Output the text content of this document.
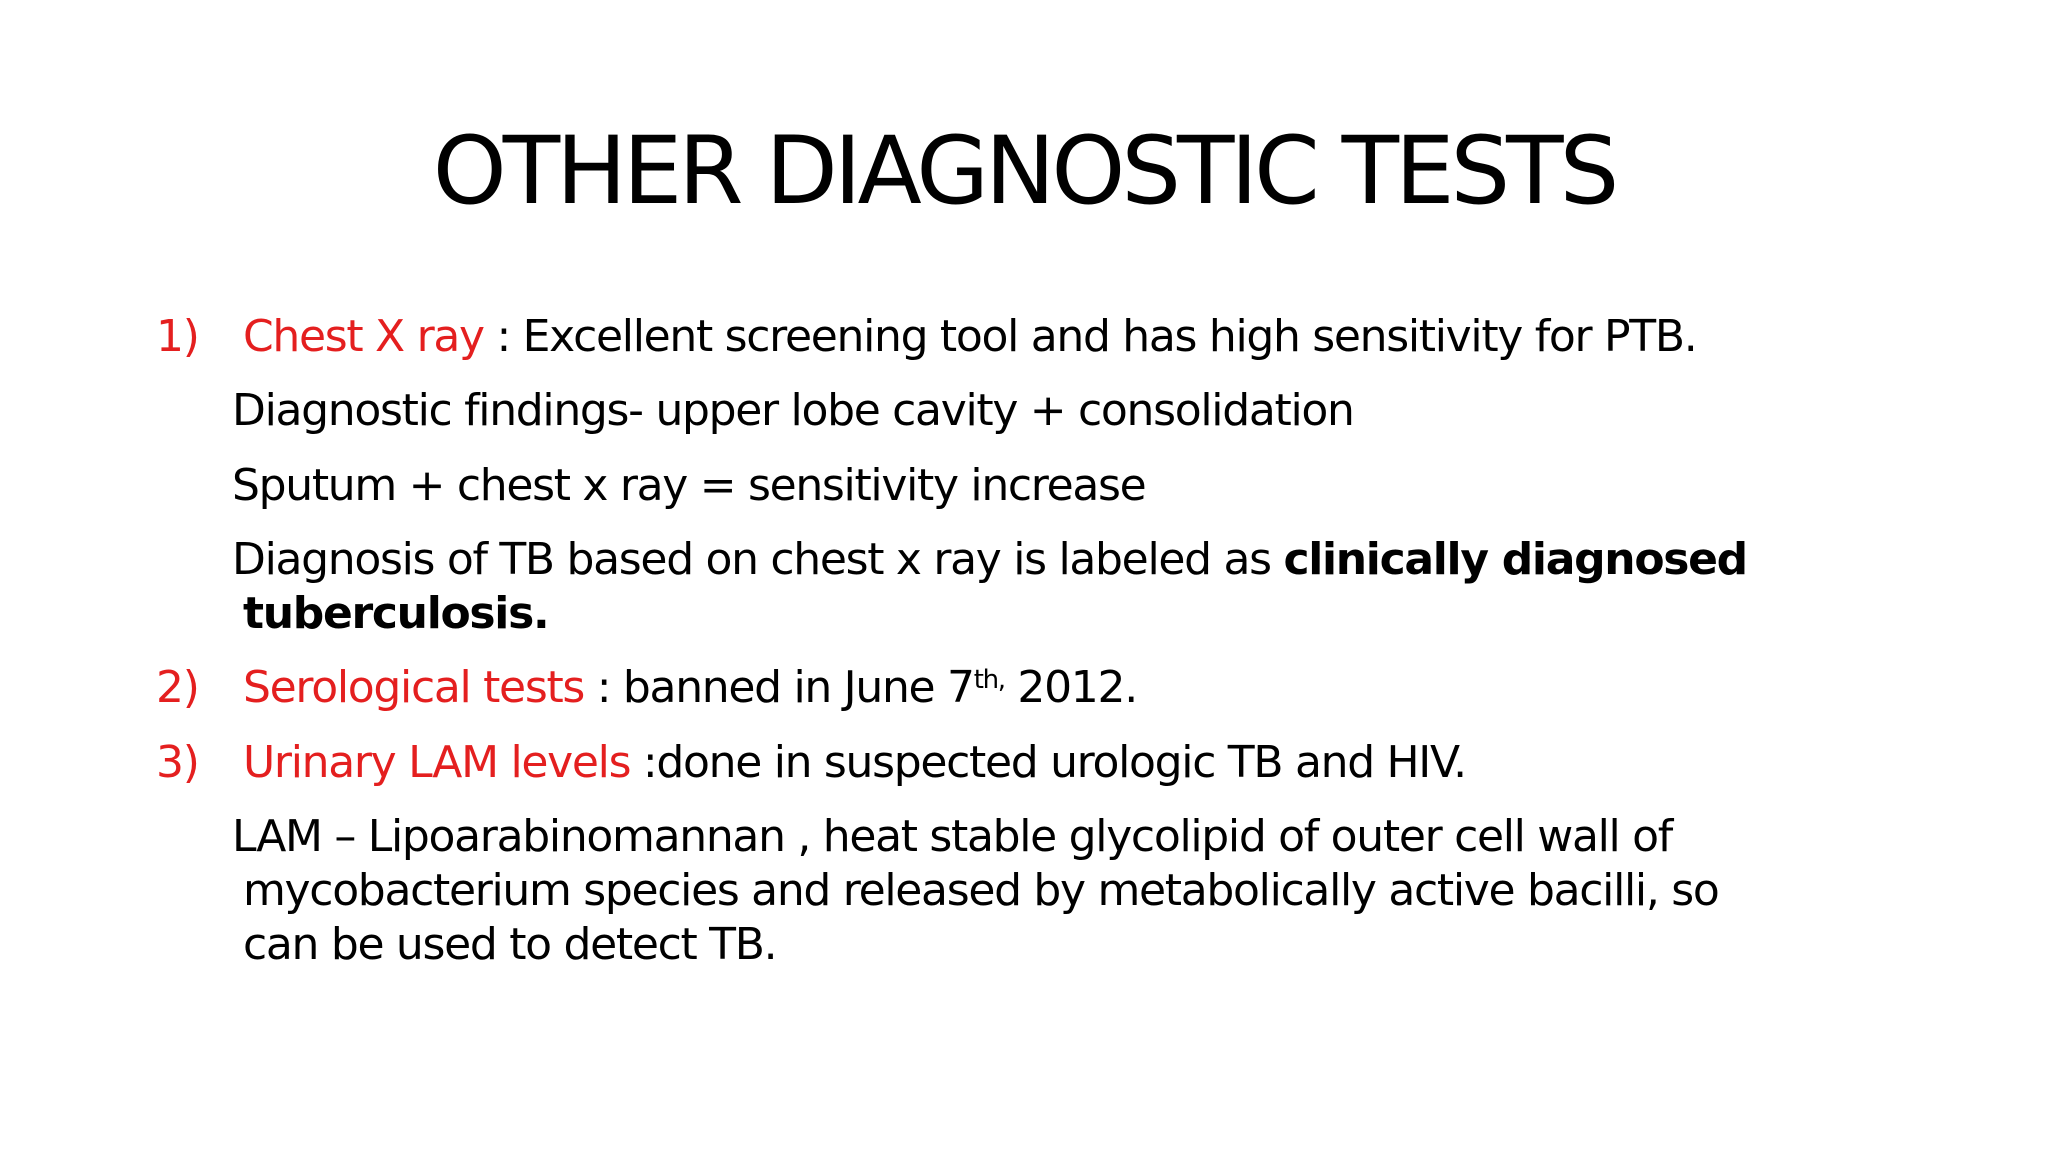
OTHER DIAGNOSTIC TESTS
1) Chest X ray : Excellent screening tool and has high sensitivity for PTB.
Diagnostic findings- upper lobe cavity + consolidation
Sputum + chest x ray = sensitivity increase
Diagnosis of TB based on chest x ray is labeled as clinically diagnosed
tuberculosis.
2) Serological tests : banned in June $7^{th,}$ 2012.
3) Urinary LAM levels :done in suspected urologic TB and HIV.
LAM – Lipoarabinomannan , heat stable glycolipid of outer cell wall of
mycobacterium species and released by metabolically active bacilli, so
can be used to detect TB.
